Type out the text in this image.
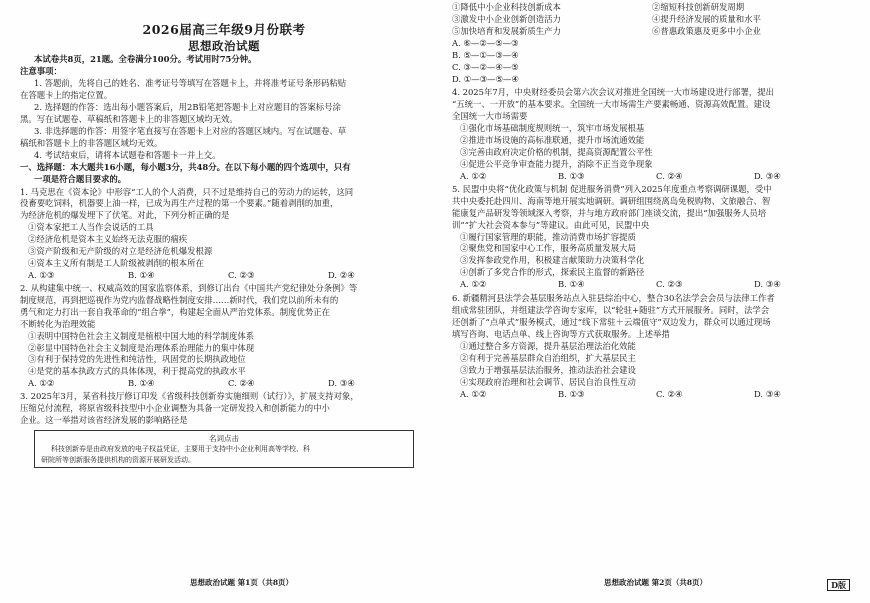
2026届高三年级9月份联考
思想政治试题
本试卷共8页，21题。全卷满分100分。考试用时75分钟。
注意事项：
1. 答题前，先将自己的姓名、准考证号等填写在答题卡上，并将准考证号条形码粘贴
在答题卡上的指定位置。
2. 选择题的作答：选出每小题答案后，用2B铅笔把答题卡上对应题目的答案标号涂
黑。写在试题卷、草稿纸和答题卡上的非答题区域均无效。
3. 非选择题的作答：用签字笔直接写在答题卡上对应的答题区域内。写在试题卷、草
稿纸和答题卡上的非答题区域均无效。
4. 考试结束后，请将本试题卷和答题卡一并上交。
一、选择题：本大题共16小题，每小题3分，共48分。在以下每小题的四个选项中，只有
一项是符合题目要求的。
1. 马克思在《资本论》中形容“工人的个人消费，只不过是维持自己的劳动力的运转，这同
役畜要吃饲料，机器要上油一样，已成为再生产过程的第一个要素。”随着剥削的加重，
为经济危机的爆发埋下了伏笔。对此，下列分析正确的是
①资本家把工人当作会说话的工具
②经济危机是资本主义始终无法克服的痼疾
③资产阶级和无产阶级的对立是经济危机爆发根源
④资本主义所有制是工人阶级被剥削的根本所在
A. ①③	B. ①④	C. ②③	D. ②④
2. 从构建集中统一、权威高效的国家监察体系，到修订出台《中国共产党纪律处分条例》等
制度规范，再到把巡视作为党内监督战略性制度安排……新时代，我们党以前所未有的
勇气和定力打出一套自我革命的“组合拳”，构建起全面从严治党体系。制度优势正在
不断转化为治理效能
①表明中国特色社会主义制度是植根中国大地的科学制度体系
②彰显中国特色社会主义制度是治理体系治理能力的集中体现
③有利于保持党的先进性和纯洁性，巩固党的长期执政地位
④是党的基本执政方式的具体体现，利于提高党的执政水平
A. ①②	B. ①④	C. ②④	D. ③④
3. 2025年3月，某省科技厅修订印发《省级科技创新券实施细则（试行）》，扩展支持对象，
压缩兑付流程，将原省级科技型中小企业调整为具备一定研发投入和创新能力的中小
企业。这一举措对该省经济发展的影响路径是
名词点击
科技创新券是由政府发放的电子权益凭证，主要用于支持中小企业利用高等学校、科
研院所等创新服务提供机构的资源开展研发活动。
①降低中小企业科技创新成本	②缩短科技创新研发周期
③激发中小企业创新创造活力	④提升经济发展的质量和水平
⑤加快培育和发展新质生产力	⑥普惠政策惠及更多中小企业
A. ⑥—②—⑤—③
B. ⑤—①—③—④
C. ③—②—④—⑤
D. ①—③—⑤—④
4. 2025年7月，中央财经委员会第六次会议对推进全国统一大市场建设进行部署，提出
“五统一、一开放”的基本要求。全国统一大市场需生产要素畅通、资源高效配置。建设
全国统一大市场需要
①强化市场基础制度规则统一，筑牢市场发展根基
②推进市场设施的高标准联通，提升市场流通效能
③完善由政府决定价格的机制，提高资源配置公平性
④促进公平竞争审查能力提升，消除不正当竞争现象
A. ①②	B. ①③	C. ②④	D. ③④
5. 民盟中央将“优化政策与机制 促进服务消费”列入2025年度重点考察调研课题，受中
共中央委托赴四川、海南等地开展实地调研。调研组围绕离岛免税购物、文旅融合、智
能康复产品研发等领域深入考察，并与地方政府部门座谈交流，提出“加强服务人员培
训”“扩大社会资本参与”等建议。由此可见，民盟中央
①履行国家管理的职能，推动消费市场扩容提质
②聚焦党和国家中心工作，服务高质量发展大局
③发挥参政党作用，积极建言献策助力决策科学化
④创新了多党合作的形式，探索民主监督的新路径
A. ①②	B. ①④	C. ②③	D. ③④
6. 新疆精河县法学会基层服务站点入驻县综治中心，整合30名法学会会员与法律工作者
组成常驻团队，并组建法学咨询专家库，以“轮驻+随驻”方式开展服务。同时，法学会
还创新了“点单式”服务模式，通过“线下常驻＋云端值守”双边发力，群众可以通过现场
填写咨询、电话点单、线上咨询等方式获取服务。上述举措
①通过整合多方资源，提升基层治理法治化效能
②有利于完善基层群众自治组织，扩大基层民主
③致力于增强基层法治服务，推动法治社会建设
④实现政府治理和社会调节、居民自治良性互动
A. ①②	B. ①③	C. ②④	D. ③④
思想政治试题 第1页（共8页）	思想政治试题 第2页（共8页）	D版
